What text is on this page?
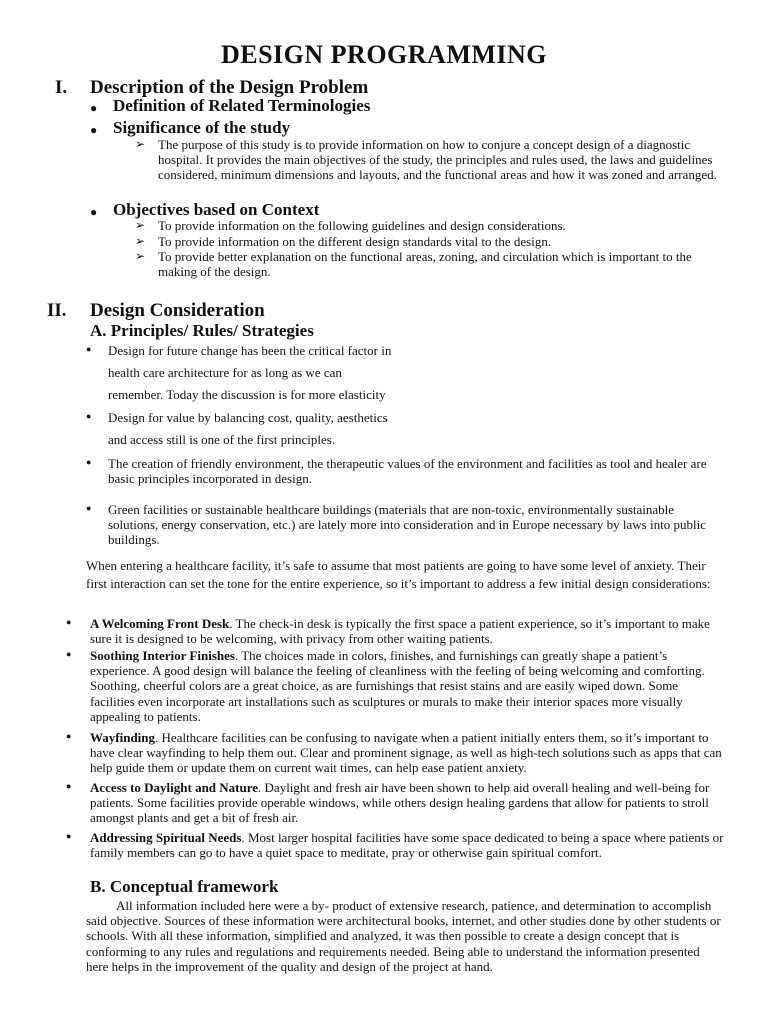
DESIGN PROGRAMMING
I. Description of the Design Problem
● Definition of Related Terminologies
● Significance of the study
➢ The purpose of this study is to provide information on how to conjure a concept design of a diagnostic hospital. It provides the main objectives of the study, the principles and rules used, the laws and guidelines considered, minimum dimensions and layouts, and the functional areas and how it was zoned and arranged.
● Objectives based on Context
➢ To provide information on the following guidelines and design considerations.
➢ To provide information on the different design standards vital to the design.
➢ To provide better explanation on the functional areas, zoning, and circulation which is important to the making of the design.
II. Design Consideration
A. Principles/ Rules/ Strategies
● Design for future change has been the critical factor in
health care architecture for as long as we can
remember. Today the discussion is for more elasticity
● Design for value by balancing cost, quality, aesthetics
and access still is one of the first principles.
● The creation of friendly environment, the therapeutic values of the environment and facilities as tool and healer are basic principles incorporated in design.
● Green facilities or sustainable healthcare buildings (materials that are non-toxic, environmentally sustainable solutions, energy conservation, etc.) are lately more into consideration and in Europe necessary by laws into public buildings.
When entering a healthcare facility, it’s safe to assume that most patients are going to have some level of anxiety. Their first interaction can set the tone for the entire experience, so it’s important to address a few initial design considerations:
● A Welcoming Front Desk. The check-in desk is typically the first space a patient experience, so it’s important to make sure it is designed to be welcoming, with privacy from other waiting patients.
● Soothing Interior Finishes. The choices made in colors, finishes, and furnishings can greatly shape a patient’s experience. A good design will balance the feeling of cleanliness with the feeling of being welcoming and comforting. Soothing, cheerful colors are a great choice, as are furnishings that resist stains and are easily wiped down. Some facilities even incorporate art installations such as sculptures or murals to make their interior spaces more visually appealing to patients.
● Wayfinding. Healthcare facilities can be confusing to navigate when a patient initially enters them, so it’s important to have clear wayfinding to help them out. Clear and prominent signage, as well as high-tech solutions such as apps that can help guide them or update them on current wait times, can help ease patient anxiety.
● Access to Daylight and Nature. Daylight and fresh air have been shown to help aid overall healing and well-being for patients. Some facilities provide operable windows, while others design healing gardens that allow for patients to stroll amongst plants and get a bit of fresh air.
● Addressing Spiritual Needs. Most larger hospital facilities have some space dedicated to being a space where patients or family members can go to have a quiet space to meditate, pray or otherwise gain spiritual comfort.
B. Conceptual framework
All information included here were a by- product of extensive research, patience, and determination to accomplish said objective. Sources of these information were architectural books, internet, and other studies done by other students or schools. With all these information, simplified and analyzed, it was then possible to create a design concept that is conforming to any rules and regulations and requirements needed. Being able to understand the information presented here helps in the improvement of the quality and design of the project at hand.
